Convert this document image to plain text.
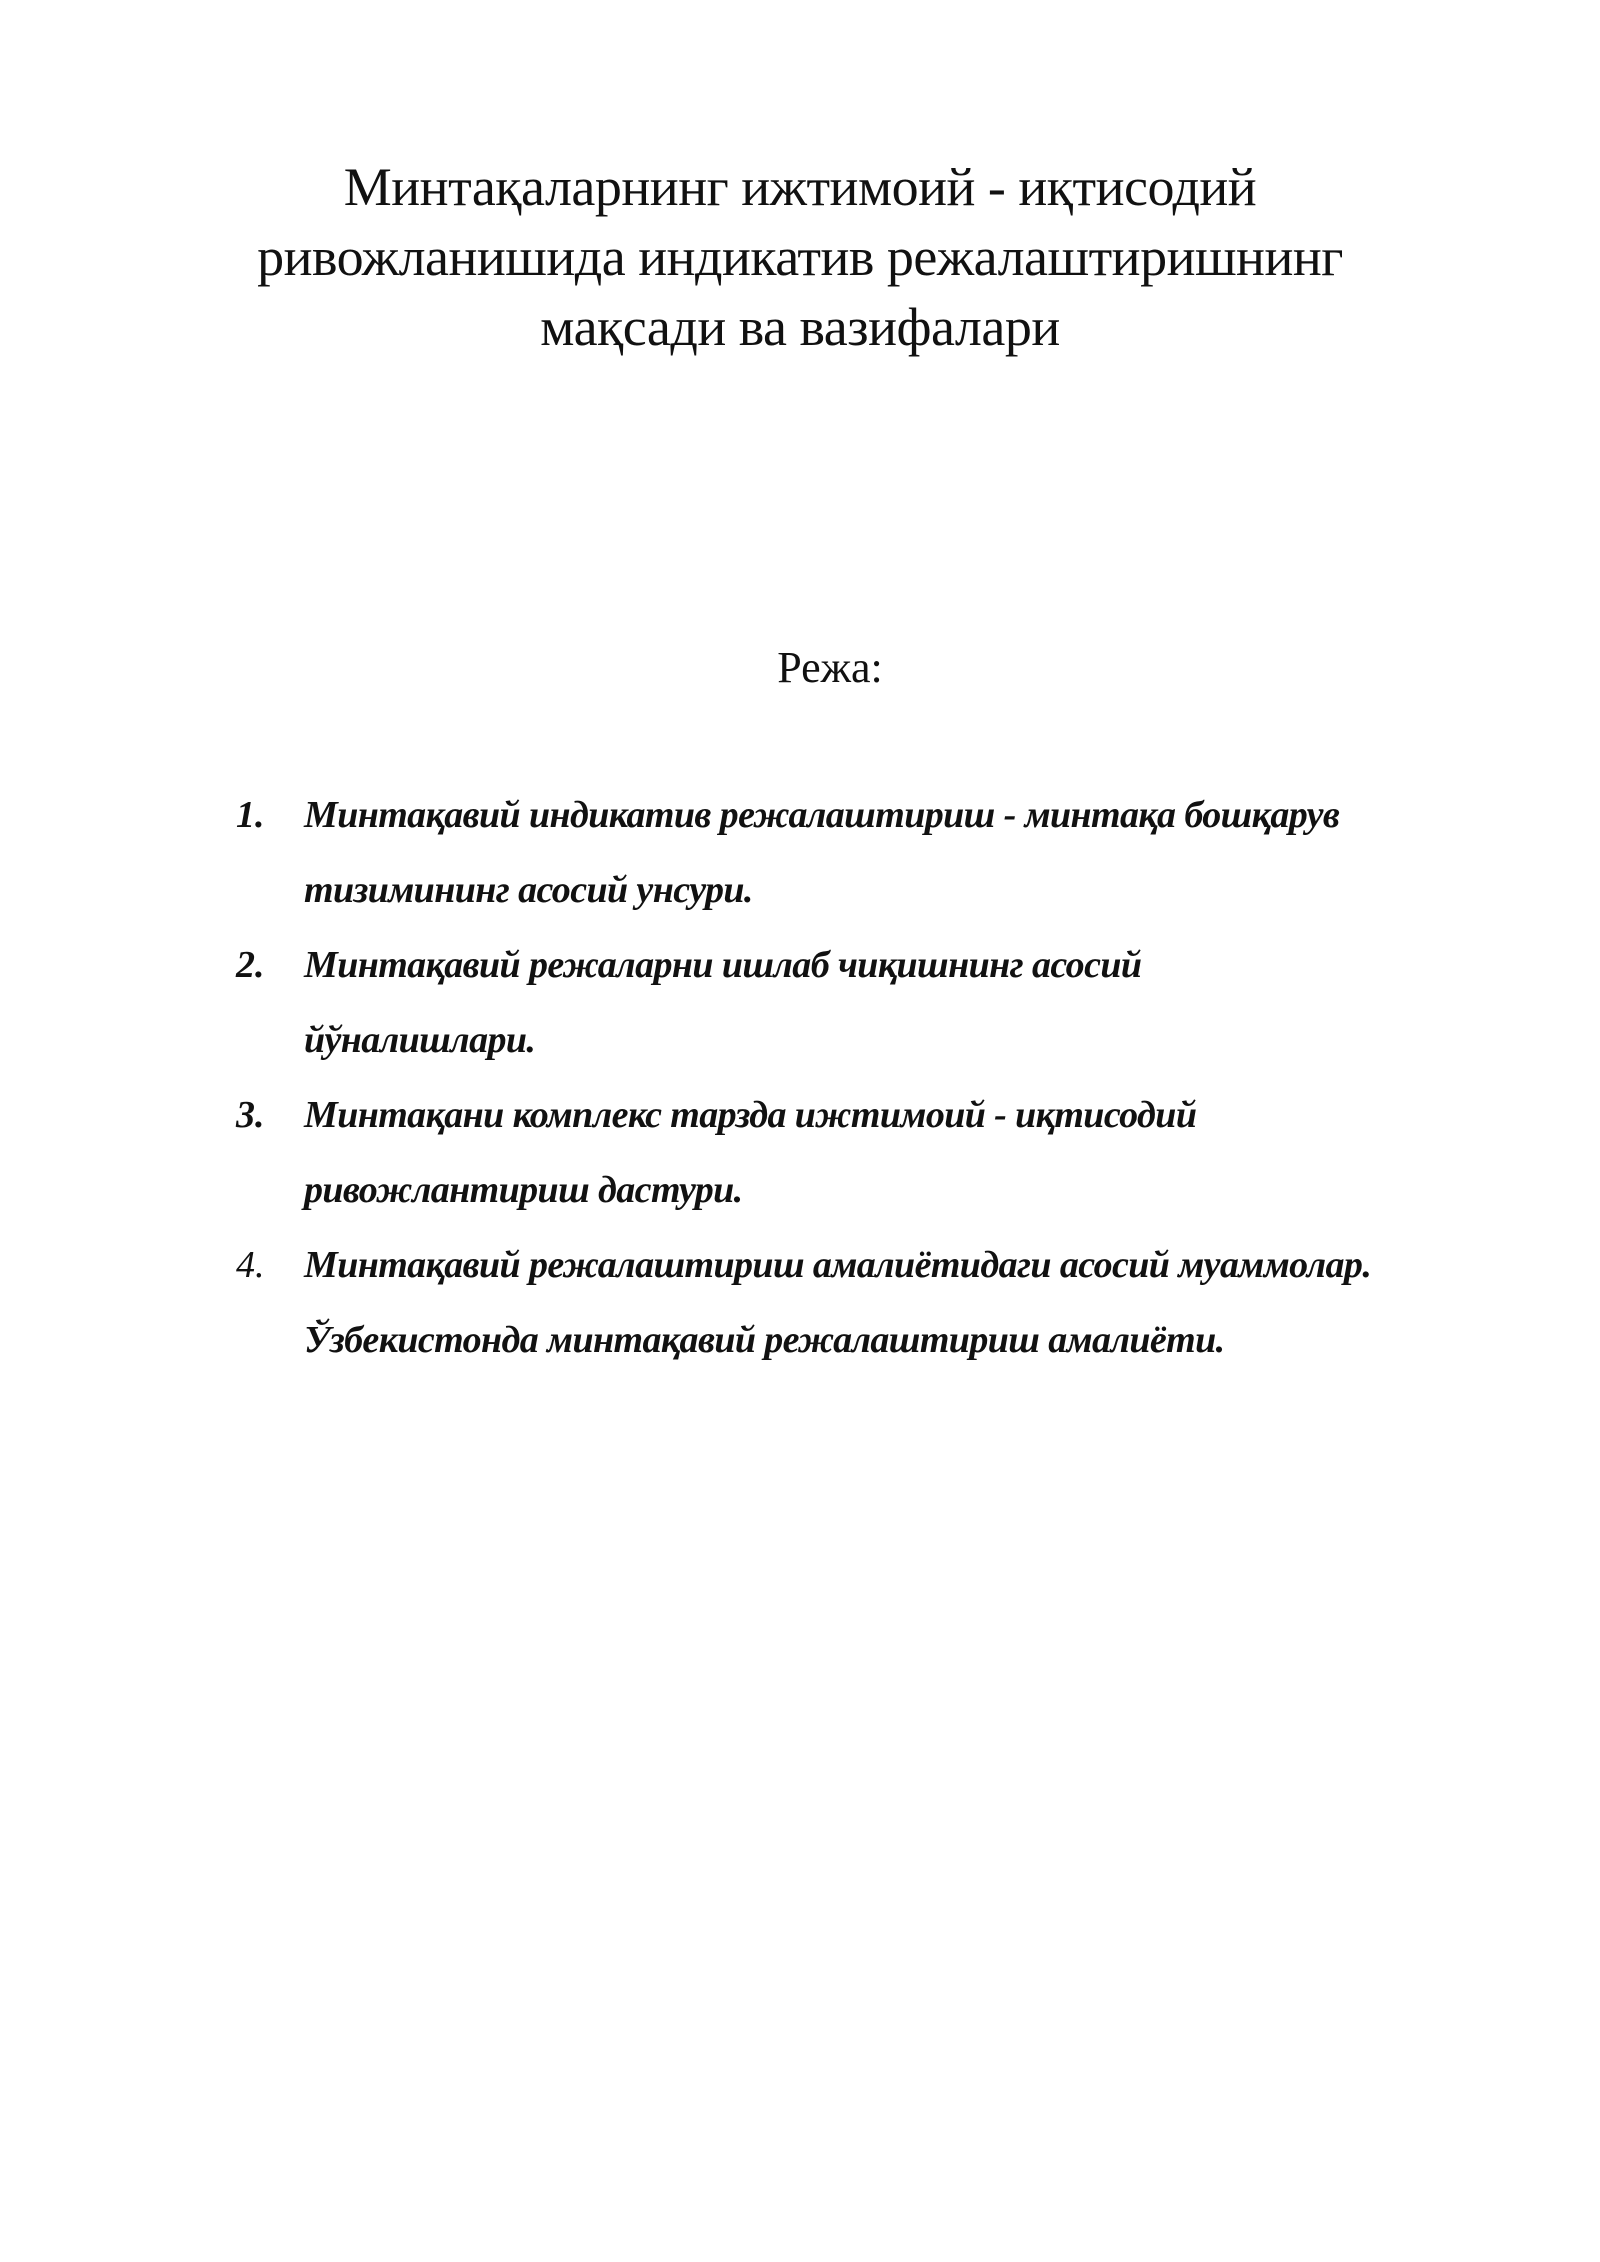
Минтақаларнинг ижтимоий - иқтисодий
ривожланишида индикатив режалаштиришнинг
мақсади ва вазифалари
Режа:
1.	Минтақавий индикатив режалаштириш - минтақа бошқарув
тизимининг асосий унсури.
2.	Минтақавий режаларни ишлаб чиқишнинг асосий
йўналишлари.
3.	Минтақани комплекс тарзда ижтимоий - иқтисодий
ривожлантириш дастури.
4.	Минтақавий режалаштириш амалиётидаги асосий муаммолар.
Ўзбекистонда минтақавий режалаштириш амалиёти.
